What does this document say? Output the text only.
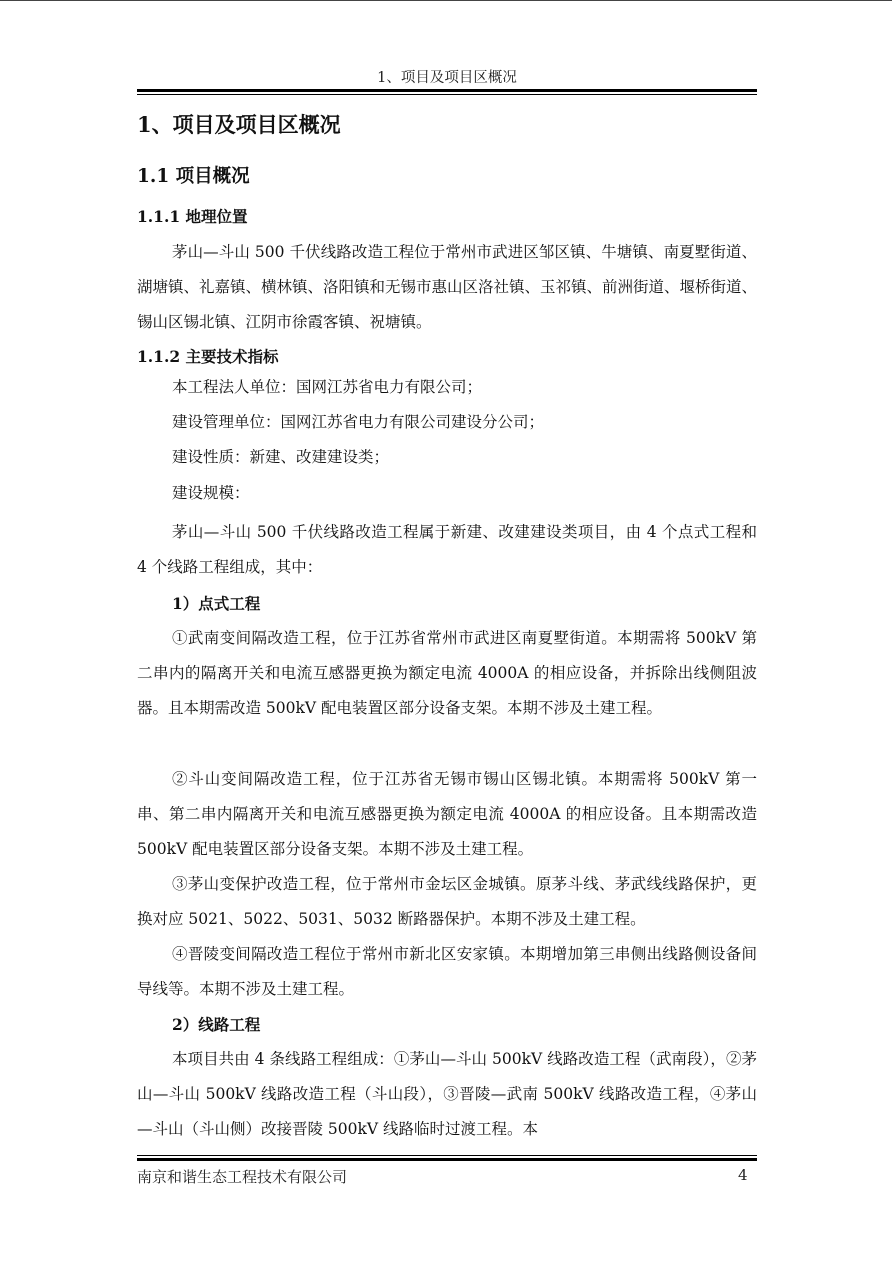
1、项目及项目区概况
1、项目及项目区概况
1.1 项目概况
1.1.1 地理位置

茅山—斗山 500 千伏线路改造工程位于常州市武进区邹区镇、牛塘镇、南夏墅街道、湖塘镇、礼嘉镇、横林镇、洛阳镇和无锡市惠山区洛社镇、玉祁镇、前洲街道、堰桥街道、锡山区锡北镇、江阴市徐霞客镇、祝塘镇。

1.1.2 主要技术指标

本工程法人单位：国网江苏省电力有限公司；

建设管理单位：国网江苏省电力有限公司建设分公司；

建设性质：新建、改建建设类；

建设规模：

茅山—斗山 500 千伏线路改造工程属于新建、改建建设类项目，由 4 个点式工程和 4 个线路工程组成，其中：

1）点式工程

①武南变间隔改造工程，位于江苏省常州市武进区南夏墅街道。本期需将 500kV 第二串内的隔离开关和电流互感器更换为额定电流 4000A 的相应设备，并拆除出线侧阻波器。且本期需改造 500kV 配电装置区部分设备支架。本期不涉及土建工程。

②斗山变间隔改造工程，位于江苏省无锡市锡山区锡北镇。本期需将 500kV 第一串、第二串内隔离开关和电流互感器更换为额定电流 4000A 的相应设备。且本期需改造 500kV 配电装置区部分设备支架。本期不涉及土建工程。

③茅山变保护改造工程，位于常州市金坛区金城镇。原茅斗线、茅武线线路保护，更换对应 5021、5022、5031、5032 断路器保护。本期不涉及土建工程。

④晋陵变间隔改造工程位于常州市新北区安家镇。本期增加第三串侧出线路侧设备间导线等。本期不涉及土建工程。

2）线路工程

本项目共由 4 条线路工程组成：①茅山—斗山 500kV 线路改造工程（武南段），②茅山—斗山 500kV 线路改造工程（斗山段），③晋陵—武南 500kV 线路改造工程，④茅山—斗山（斗山侧）改接晋陵 500kV 线路临时过渡工程。本

南京和谐生态工程技术有限公司	4
